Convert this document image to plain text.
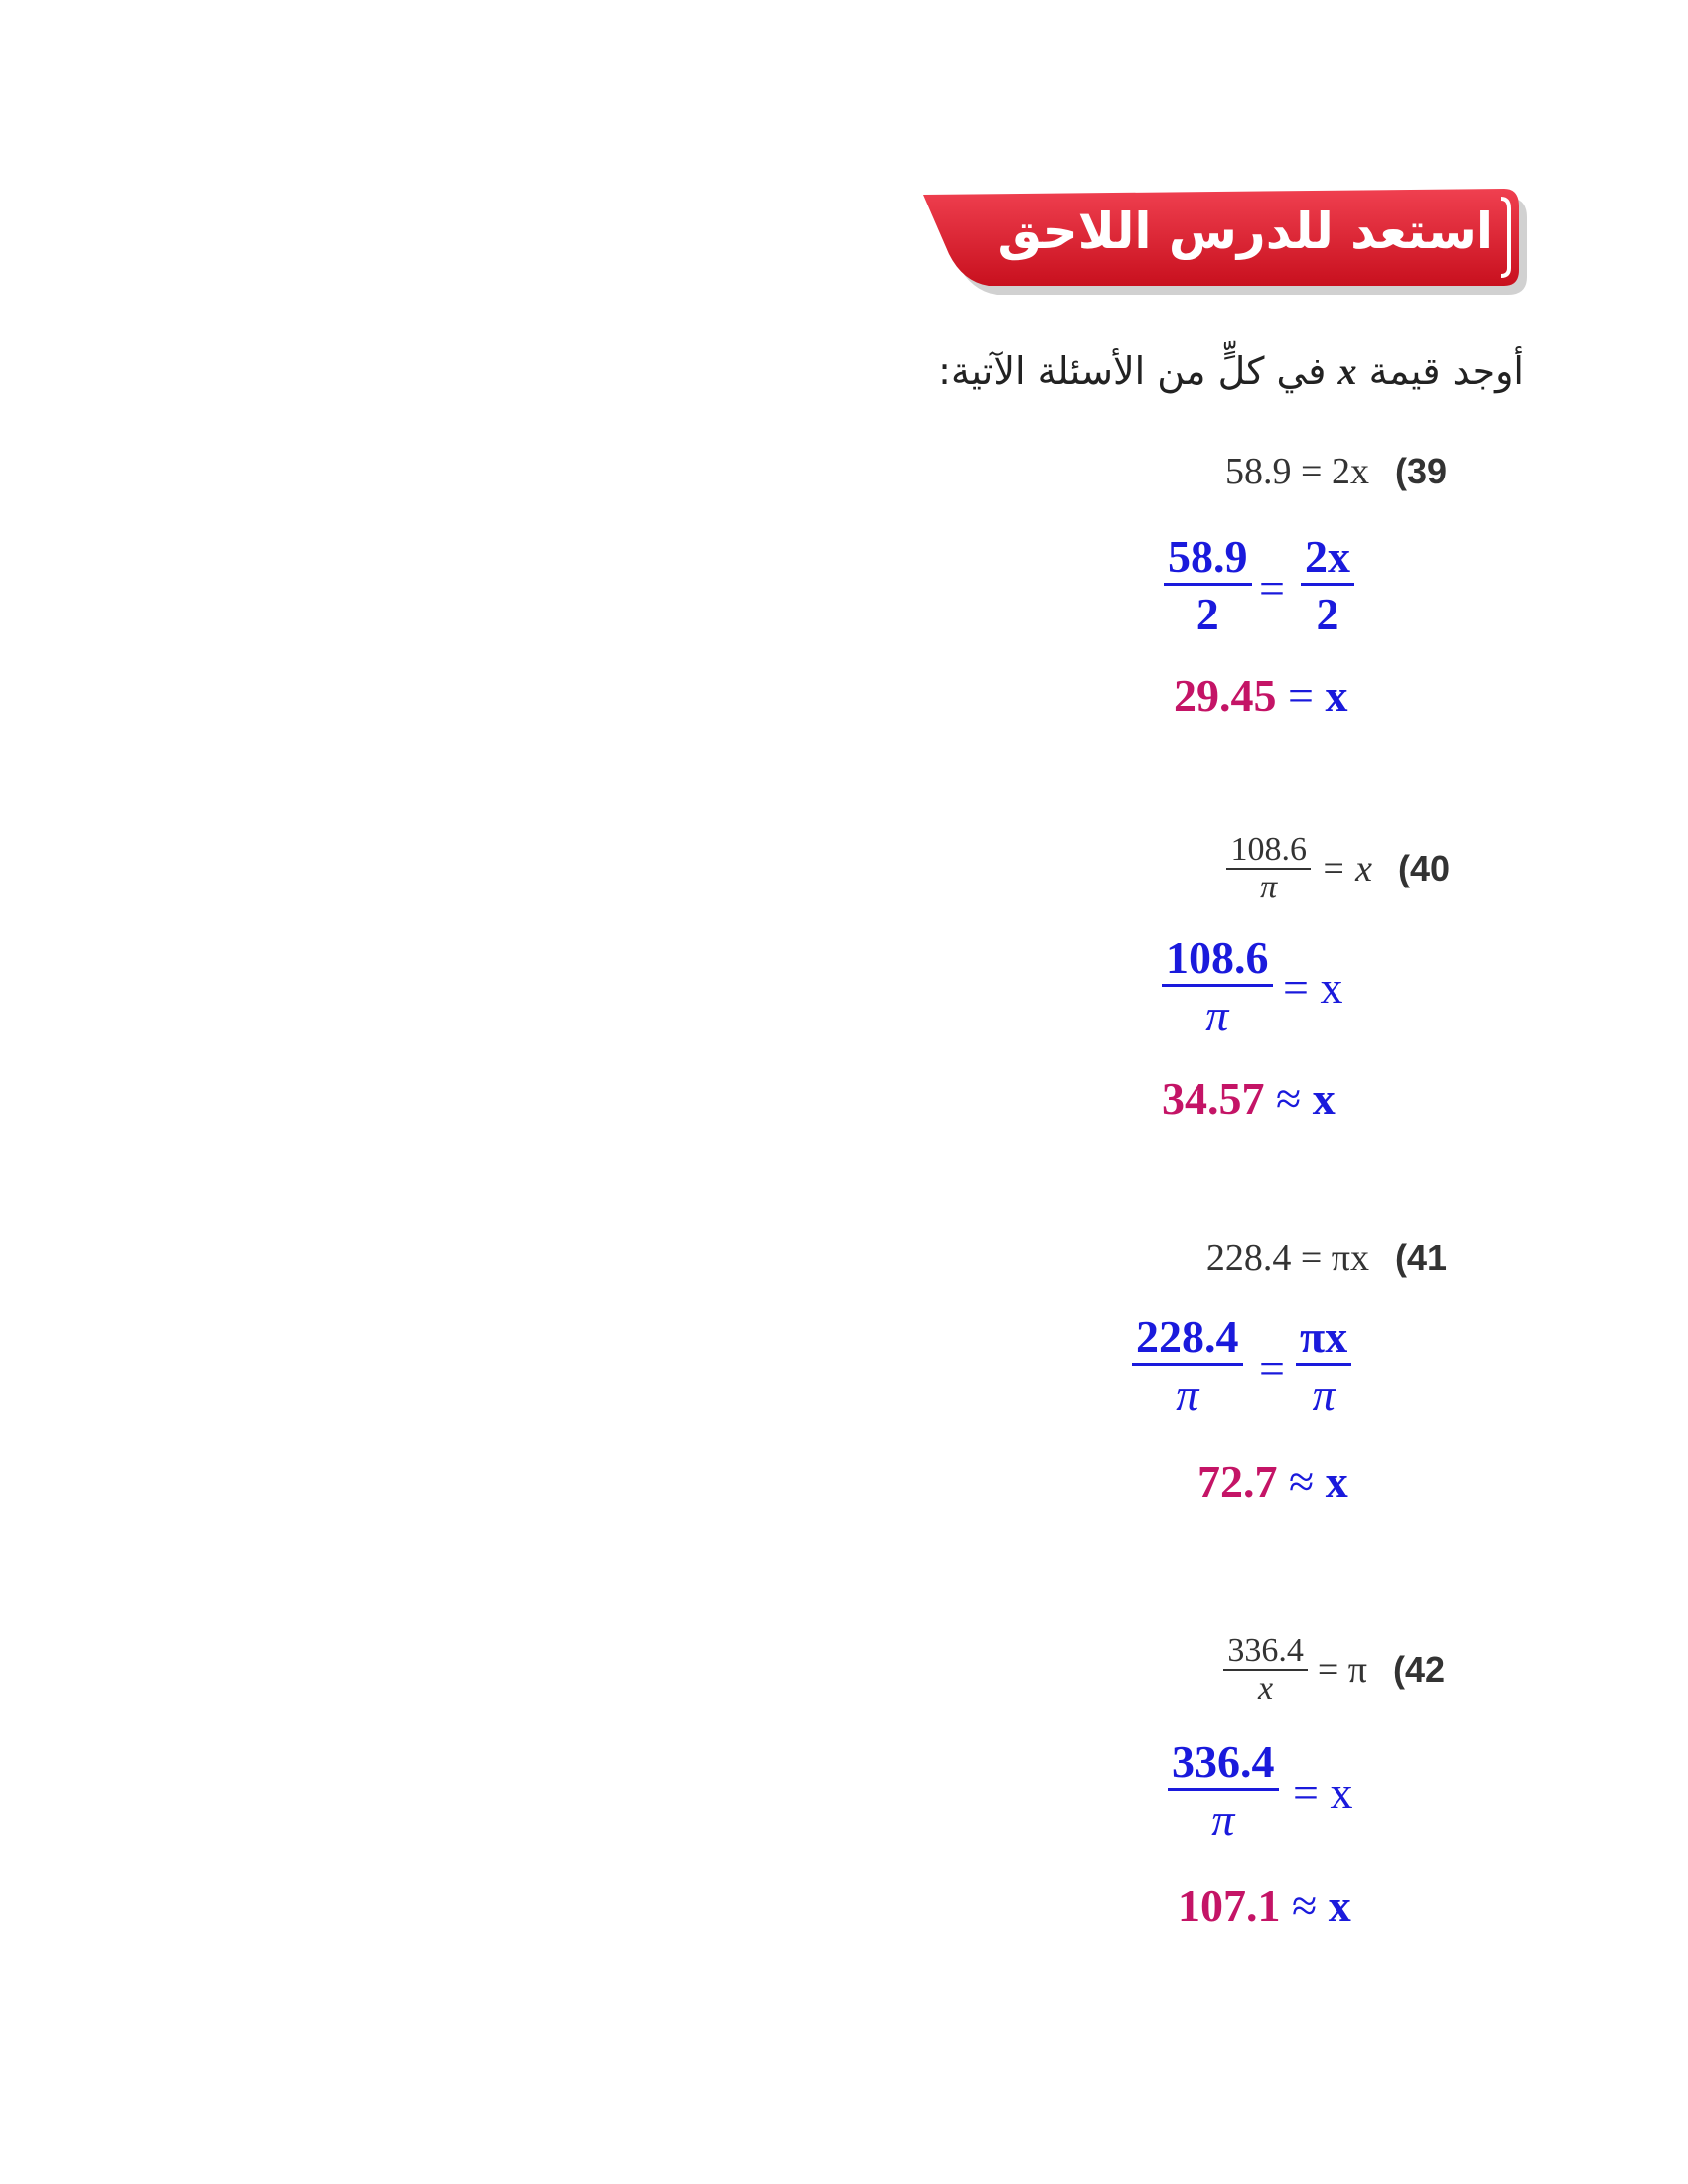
استعد للدرس اللاحق
أوجد قيمة x في كلٍّ من الأسئلة الآتية:
58.9 = 2x (39
$\frac{58.9}{2} = \frac{2x}{2}$
29.45 = x
$\frac{108.6}{\pi} = x$ (40
$\frac{108.6}{\pi} = x$
34.57 ≈ x
228.4 = πx (41
$\frac{228.4}{\pi} = \frac{\pi x}{\pi}$
72.7 ≈ x
$\frac{336.4}{x} = \pi$ (42
$\frac{336.4}{\pi} = x$
107.1 ≈ x
